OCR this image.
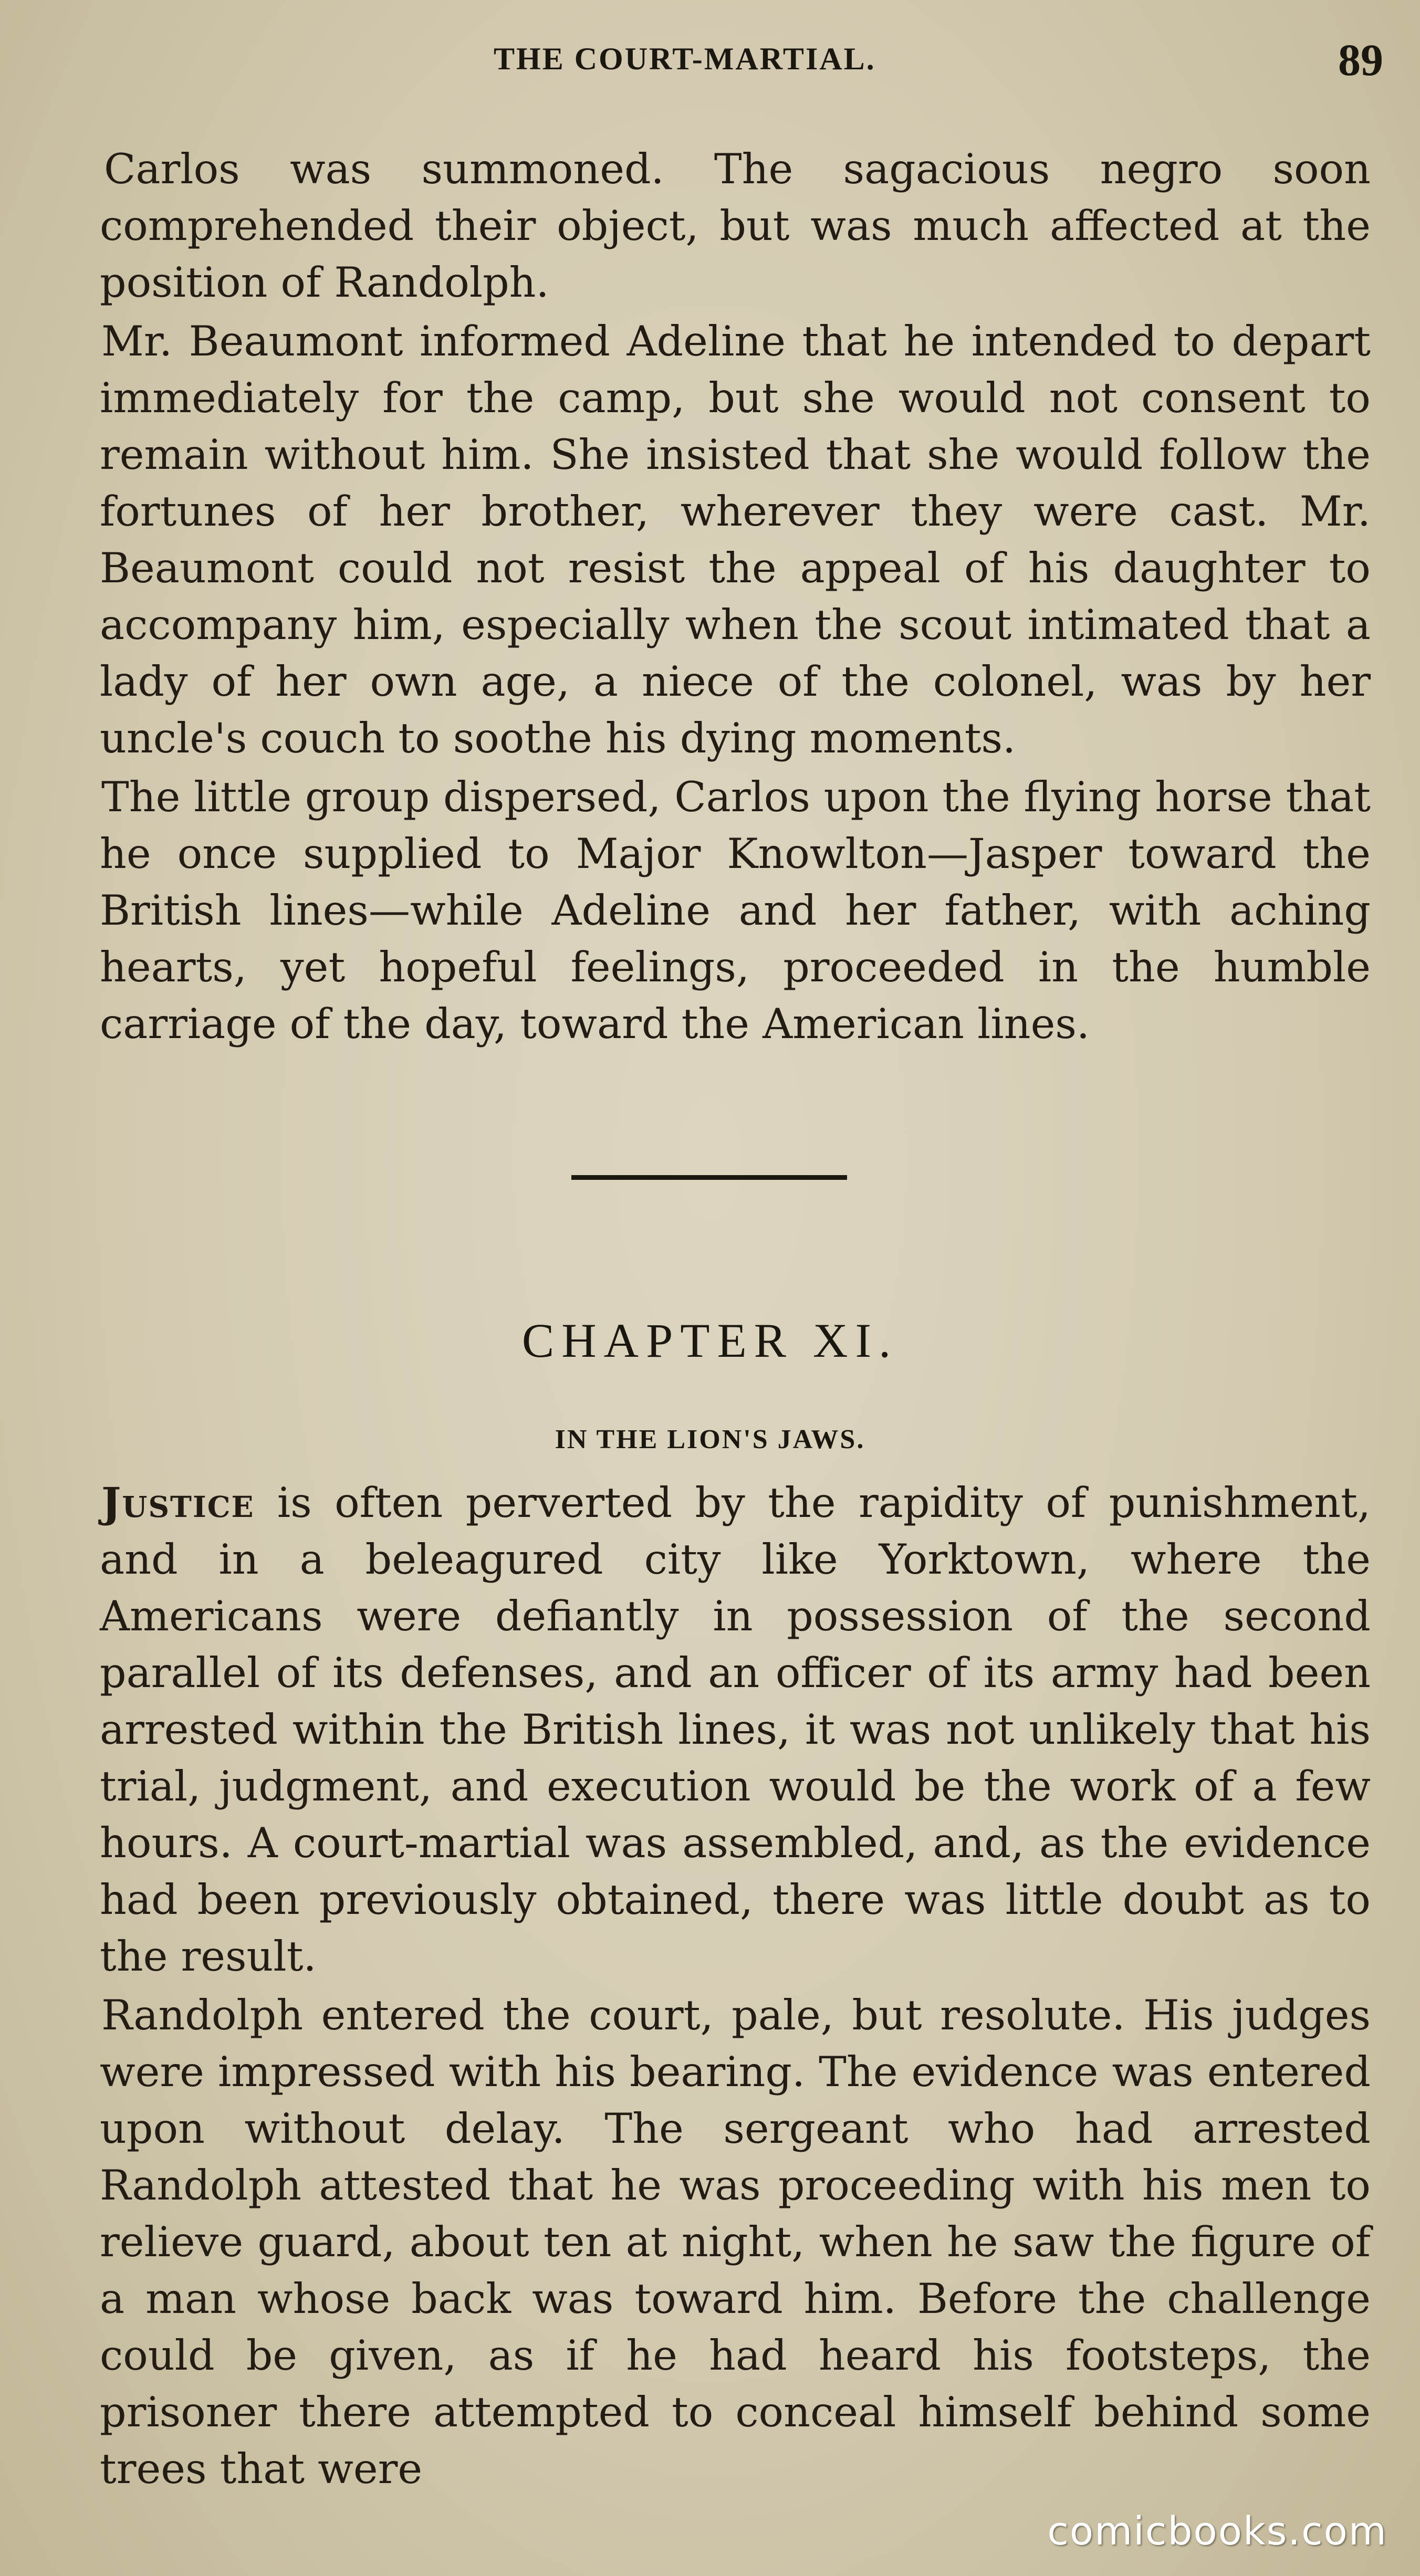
THE COURT-MARTIAL.	89

Carlos was summoned. The sagacious negro soon comprehended their object, but was much affected at the position of Randolph.

Mr. Beaumont informed Adeline that he intended to depart immediately for the camp, but she would not consent to remain without him. She insisted that she would follow the fortunes of her brother, wherever they were cast. Mr. Beaumont could not resist the appeal of his daughter to accompany him, especially when the scout intimated that a lady of her own age, a niece of the colonel, was by her uncle's couch to soothe his dying moments.

The little group dispersed, Carlos upon the flying horse that he once supplied to Major Knowlton—Jasper toward the British lines—while Adeline and her father, with aching hearts, yet hopeful feelings, proceeded in the humble carriage of the day, toward the American lines.

CHAPTER XI.
IN THE LION'S JAWS.

Justice is often perverted by the rapidity of punishment, and in a beleagured city like Yorktown, where the Americans were defiantly in possession of the second parallel of its defenses, and an officer of its army had been arrested within the British lines, it was not unlikely that his trial, judgment, and execution would be the work of a few hours. A court-martial was assembled, and, as the evidence had been previously obtained, there was little doubt as to the result.

Randolph entered the court, pale, but resolute. His judges were impressed with his bearing. The evidence was entered upon without delay. The sergeant who had arrested Randolph attested that he was proceeding with his men to relieve guard, about ten at night, when he saw the figure of a man whose back was toward him. Before the challenge could be given, as if he had heard his footsteps, the prisoner there attempted to conceal himself behind some trees that were

comicbooks.com
